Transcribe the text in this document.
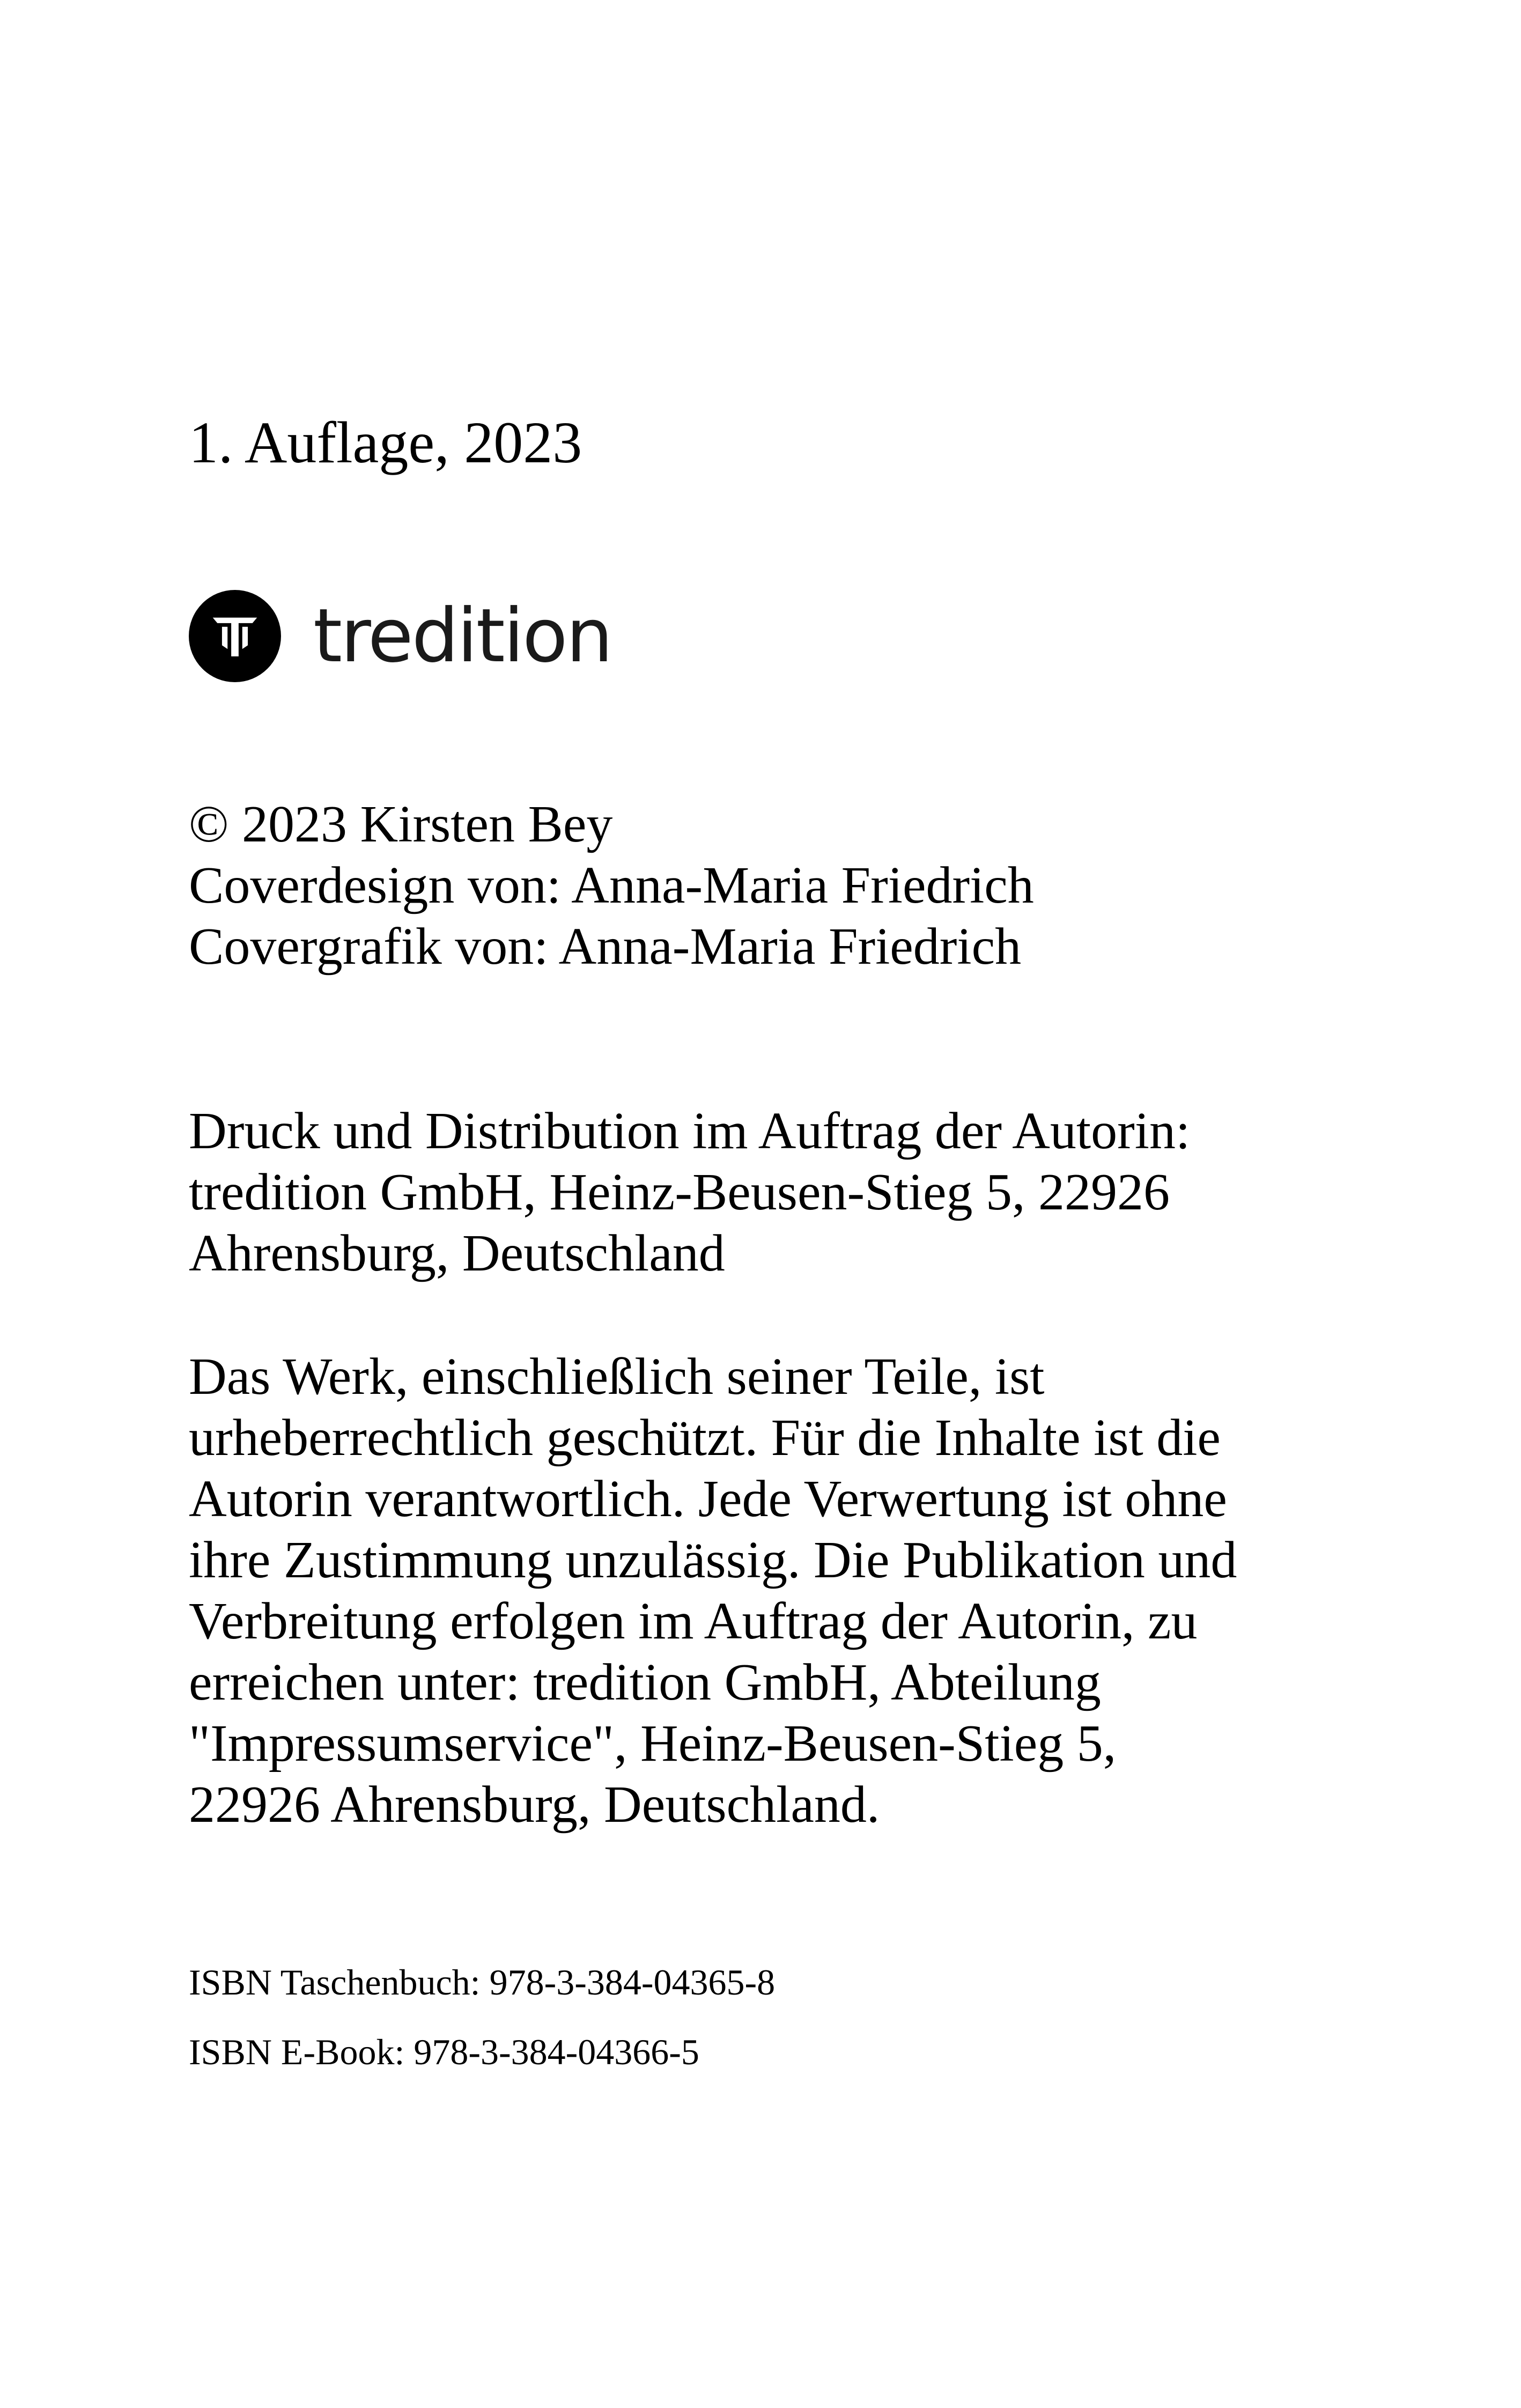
1. Auflage, 2023

tredition
© 2023 Kirsten Bey
Coverdesign von: Anna-Maria Friedrich
Covergrafik von: Anna-Maria Friedrich
Druck und Distribution im Auftrag der Autorin:
tredition GmbH, Heinz-Beusen-Stieg 5, 22926
Ahrensburg, Deutschland
Das Werk, einschließlich seiner Teile, ist
urheberrechtlich geschützt. Für die Inhalte ist die
Autorin verantwortlich. Jede Verwertung ist ohne
ihre Zustimmung unzulässig. Die Publikation und
Verbreitung erfolgen im Auftrag der Autorin, zu
erreichen unter: tredition GmbH, Abteilung
"Impressumservice", Heinz-Beusen-Stieg 5,
22926 Ahrensburg, Deutschland.

ISBN Taschenbuch: 978-3-384-04365-8

ISBN E-Book: 978-3-384-04366-5
